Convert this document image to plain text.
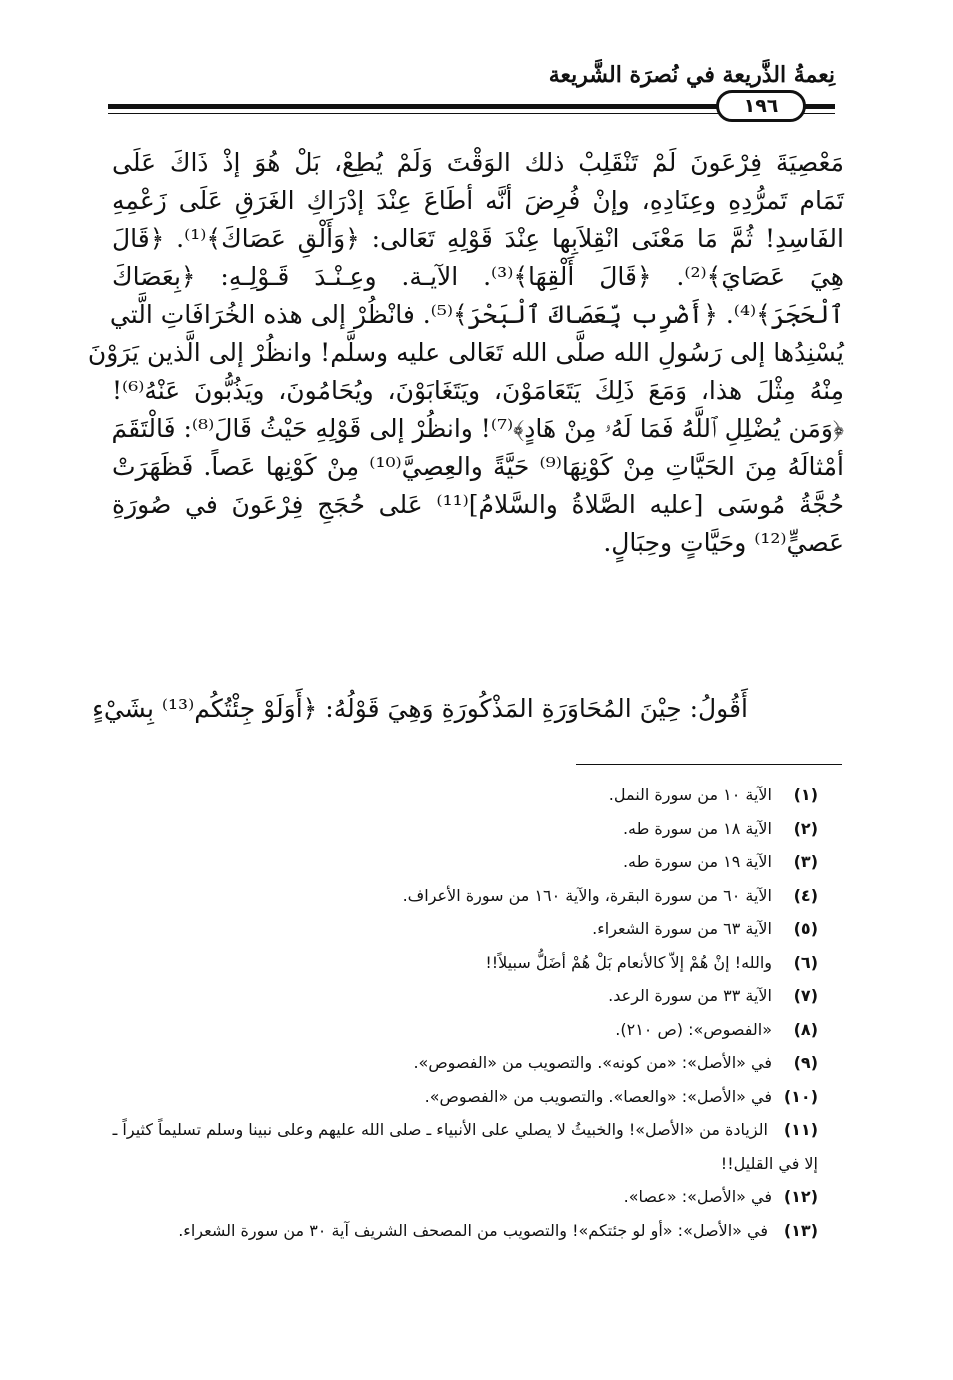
نِعمةُ الذَّريعة في نُصرَة الشَّريعة
١٩٦
مَعْصِيَةَ فِرْعَونَ لَمْ تَنْقَلِبْ ذلك الوَقْتَ وَلَمْ يُطِعْ، بَلْ هُوَ إذْ ذَاكَ عَلَى
تَمَام تَمرُّدِهِ وعِنَادِهِ، وإنْ فُرِضَ أنَّه أطَاعَ عِنْدَ إدْرَاكِ الغَرَقِ عَلَى زَعْمِهِ
الفَاسِدِ! ثُمَّ مَا مَعْنَى انْقِلاَبِها عِنْدَ قَوْلِهِ تَعَالى: ﴿وَأَلْقِ عَصَاكَ﴾⁽¹⁾. ﴿قَالَ
هِيَ عَصَايَ﴾⁽²⁾. ﴿قَالَ أَلْقِهَا﴾⁽³⁾. الآيـة. وعِـنْـدَ قَـوْلِـهِ: ﴿بِعَصَاكَ
ٱلْحَجَرَ﴾⁽⁴⁾. ﴿أَضْرِب بِّعَصَاكَ ٱلْبَحْرَ﴾⁽⁵⁾. فانْظُرْ إلى هذه الخُرَافَاتِ الَّتي
يُسْنِدُها إلى رَسُولِ الله صلَّى الله تَعَالى عليه وسلَّم! وانظُرْ إلى الَّذين يَرَوْنَ
مِنْهُ مِثْلَ هذا، وَمَعَ ذَلِكَ يَتَعَامَوْنَ، ويَتَغَابَوْنَ، ويُحَامُونَ، ويَذُبُّونَ عَنْهُ⁽⁶⁾!
﴿وَمَن يُضْلِلِ ٱللَّهُ فَمَا لَهُۥ مِنْ هَادٍ﴾⁽⁷⁾! وانظُرْ إلى قَوْلِهِ حَيْثُ قَالَ⁽⁸⁾: فَالْتَقَمَ
أمْثالَهُ مِنَ الحَيَّاتِ مِنْ كَوْنِهَا⁽⁹⁾ حَيَّةً والعِصِيَّ⁽¹⁰⁾ مِنْ كَوْنِها عَصاً. فَظَهَرَتْ
حُجَّةُ مُوسَى [عليه الصَّلاةُ والسَّلامُ]⁽¹¹⁾ عَلى حُجَجِ فِرْعَونَ في صُورَةِ
عَصيٍّ⁽¹²⁾ وحَيَّاتٍ وحِبَالٍ.
أَقُولُ: حِيْنَ المُحَاوَرَةِ المَذْكُورَةِ وَهِيَ قَوْلُهُ: ﴿أَوَلَوْ جِئْتُكُم⁽¹³⁾ بِشَيْءٍ
(١)الآية ١٠ من سورة النمل.
(٢)الآية ١٨ من سورة طه.
(٣)الآية ١٩ من سورة طه.
(٤)الآية ٦٠ من سورة البقرة، والآية ١٦٠ من سورة الأعراف.
(٥)الآية ٦٣ من سورة الشعراء.
(٦)والله! إنْ هُمْ إلاّ كالأنعام بَلْ هُمْ أضَلُّ سبيلاً!!
(٧)الآية ٣٣ من سورة الرعد.
(٨)«الفصوص»: (ص ٢١٠).
(٩)في «الأصل»: «من كونه». والتصويب من «الفصوص».
(١٠)في «الأصل»: «والعصا». والتصويب من «الفصوص».
(١١)
الزيادة من «الأصل»! والخبيثُ لا يصلي على الأنبياء ـ صلى الله عليهم وعلى نبينا وسلم تسليماً كثيراً ـ إلا في القليل!!
(١٢)في «الأصل»: «عصا».
(١٣)
في «الأصل»: «أو لو جئتكم»! والتصويب من المصحف الشريف آية ٣٠ من سورة الشعراء.
